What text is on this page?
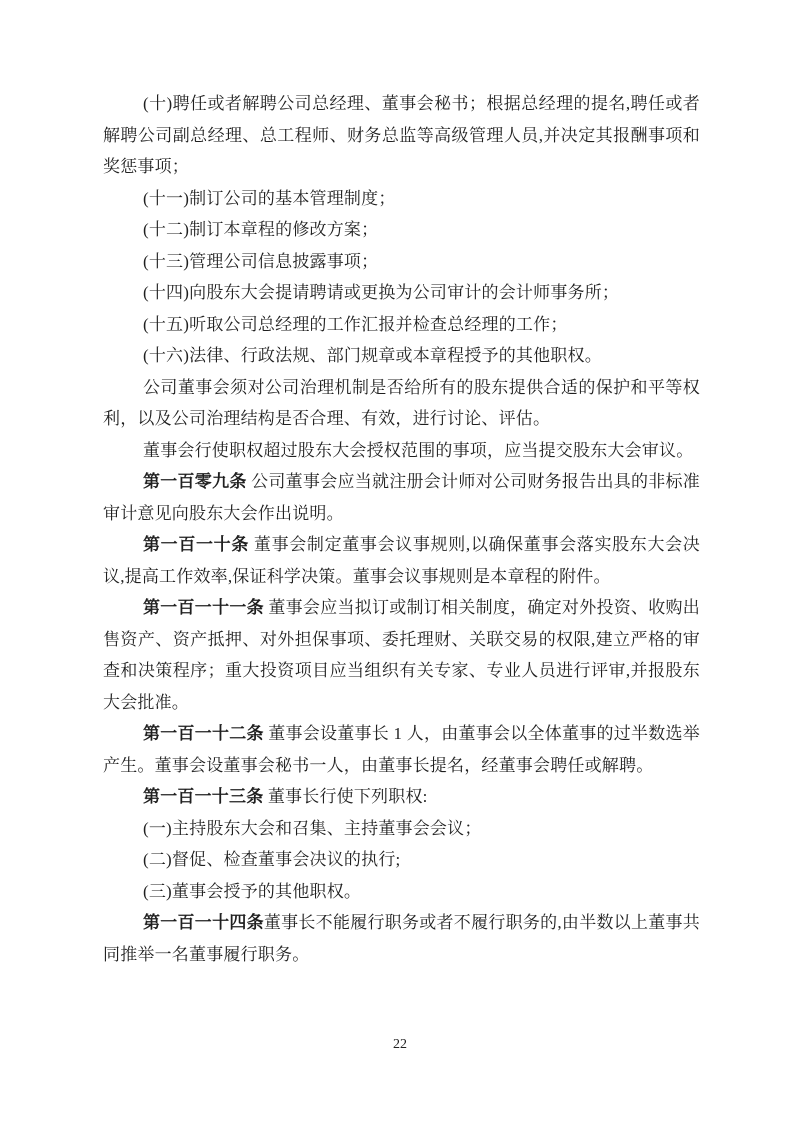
(十)聘任或者解聘公司总经理、董事会秘书；根据总经理的提名,聘任或者解聘公司副总经理、总工程师、财务总监等高级管理人员,并决定其报酬事项和奖惩事项；

(十一)制订公司的基本管理制度；

(十二)制订本章程的修改方案；

(十三)管理公司信息披露事项；

(十四)向股东大会提请聘请或更换为公司审计的会计师事务所；

(十五)听取公司总经理的工作汇报并检查总经理的工作；

(十六)法律、行政法规、部门规章或本章程授予的其他职权。

公司董事会须对公司治理机制是否给所有的股东提供合适的保护和平等权利，以及公司治理结构是否合理、有效，进行讨论、评估。

董事会行使职权超过股东大会授权范围的事项，应当提交股东大会审议。

第一百零九条 公司董事会应当就注册会计师对公司财务报告出具的非标准审计意见向股东大会作出说明。

第一百一十条 董事会制定董事会议事规则,以确保董事会落实股东大会决议,提高工作效率,保证科学决策。董事会议事规则是本章程的附件。

第一百一十一条 董事会应当拟订或制订相关制度，确定对外投资、收购出售资产、资产抵押、对外担保事项、委托理财、关联交易的权限,建立严格的审查和决策程序；重大投资项目应当组织有关专家、专业人员进行评审,并报股东大会批准。

第一百一十二条 董事会设董事长 1 人，由董事会以全体董事的过半数选举产生。董事会设董事会秘书一人，由董事长提名，经董事会聘任或解聘。

第一百一十三条 董事长行使下列职权:

(一)主持股东大会和召集、主持董事会会议；

(二)督促、检查董事会决议的执行;

(三)董事会授予的其他职权。

第一百一十四条董事长不能履行职务或者不履行职务的,由半数以上董事共同推举一名董事履行职务。

22
